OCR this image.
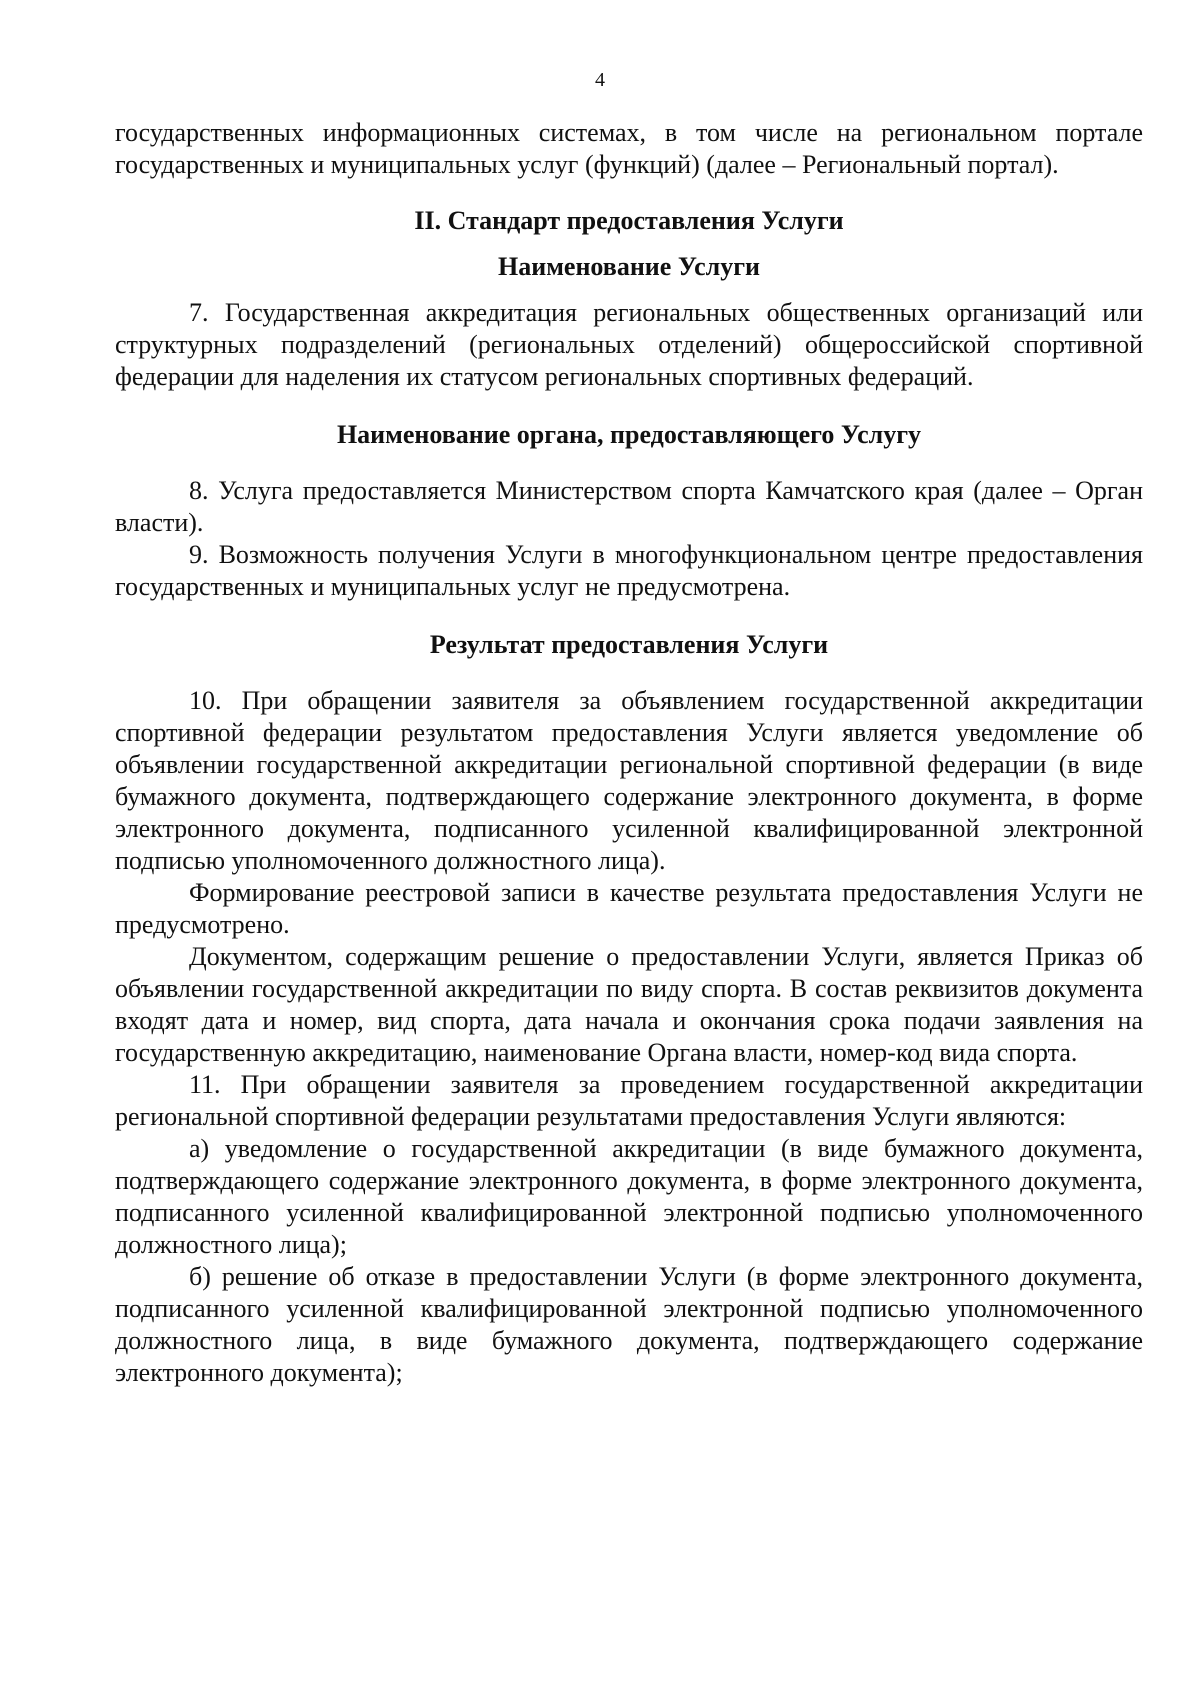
4

государственных информационных системах, в том числе на региональном портале государственных и муниципальных услуг (функций) (далее – Региональный портал).

II. Стандарт предоставления Услуги

Наименование Услуги

7. Государственная аккредитация региональных общественных организаций или структурных подразделений (региональных отделений) общероссийской спортивной федерации для наделения их статусом региональных спортивных федераций.

Наименование органа, предоставляющего Услугу

8. Услуга предоставляется Министерством спорта Камчатского края (далее – Орган власти).

9. Возможность получения Услуги в многофункциональном центре предоставления государственных и муниципальных услуг не предусмотрена.

Результат предоставления Услуги

10. При обращении заявителя за объявлением государственной аккредитации спортивной федерации результатом предоставления Услуги является уведомление об объявлении государственной аккредитации региональной спортивной федерации (в виде бумажного документа, подтверждающего содержание электронного документа, в форме электронного документа, подписанного усиленной квалифицированной электронной подписью уполномоченного должностного лица).

Формирование реестровой записи в качестве результата предоставления Услуги не предусмотрено.

Документом, содержащим решение о предоставлении Услуги, является Приказ об объявлении государственной аккредитации по виду спорта. В состав реквизитов документа входят дата и номер, вид спорта, дата начала и окончания срока подачи заявления на государственную аккредитацию, наименование Органа власти, номер-код вида спорта.

11. При обращении заявителя за проведением государственной аккредитации региональной спортивной федерации результатами предоставления Услуги являются:

а) уведомление о государственной аккредитации (в виде бумажного документа, подтверждающего содержание электронного документа, в форме электронного документа, подписанного усиленной квалифицированной электронной подписью уполномоченного должностного лица);

б) решение об отказе в предоставлении Услуги (в форме электронного документа, подписанного усиленной квалифицированной электронной подписью уполномоченного должностного лица, в виде бумажного документа, подтверждающего содержание электронного документа);
